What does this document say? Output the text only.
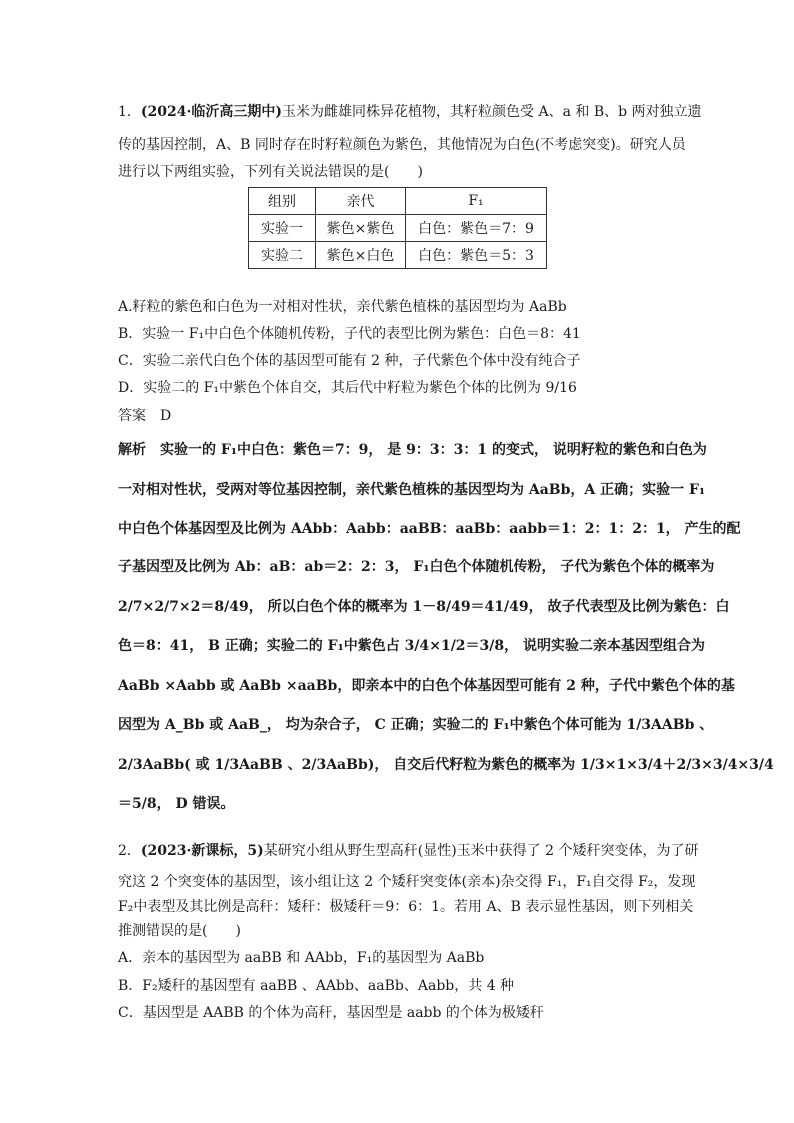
1．(2024·临沂高三期中)玉米为雌雄同株异花植物，其籽粒颜色受 A、a 和 B、b 两对独立遗
传的基因控制，A、B 同时存在时籽粒颜色为紫色，其他情况为白色(不考虑突变)。研究人员
进行以下两组实验，下列有关说法错误的是(　　)
组别	亲代	F₁
实验一	紫色×紫色	白色：紫色＝7：9
实验二	紫色×白色	白色：紫色＝5：3
A.籽粒的紫色和白色为一对相对性状，亲代紫色植株的基因型均为 AaBb
B．实验一 F₁中白色个体随机传粉，子代的表型比例为紫色：白色＝8：41
C．实验二亲代白色个体的基因型可能有 2 种，子代紫色个体中没有纯合子
D．实验二的 F₁中紫色个体自交，其后代中籽粒为紫色个体的比例为 9/16
答案　D
解析　实验一的 F₁中白色：紫色＝7：9， 是 9：3：3：1 的变式， 说明籽粒的紫色和白色为
一对相对性状，受两对等位基因控制，亲代紫色植株的基因型均为 AaBb，A 正确；实验一 F₁
中白色个体基因型及比例为 AAbb：Aabb：aaBB：aaBb：aabb＝1：2：1：2：1， 产生的配
子基因型及比例为 Ab：aB：ab＝2：2：3， F₁白色个体随机传粉， 子代为紫色个体的概率为
2/7×2/7×2＝8/49， 所以白色个体的概率为 1－8/49＝41/49， 故子代表型及比例为紫色：白
色＝8：41， B 正确；实验二的 F₁中紫色占 3/4×1/2＝3/8， 说明实验二亲本基因型组合为
AaBb ×Aabb 或 AaBb ×aaBb，即亲本中的白色个体基因型可能有 2 种，子代中紫色个体的基
因型为 A_Bb 或 AaB_， 均为杂合子， C 正确；实验二的 F₁中紫色个体可能为 1/3AABb 、
2/3AaBb( 或 1/3AaBB 、2/3AaBb)， 自交后代籽粒为紫色的概率为 1/3×1×3/4＋2/3×3/4×3/4
＝5/8， D 错误。
2．(2023·新课标，5)某研究小组从野生型高秆(显性)玉米中获得了 2 个矮秆突变体，为了研
究这 2 个突变体的基因型，该小组让这 2 个矮秆突变体(亲本)杂交得 F₁，F₁自交得 F₂，发现
F₂中表型及其比例是高秆：矮秆：极矮秆＝9：6：1。若用 A、B 表示显性基因，则下列相关
推测错误的是(　　)
A．亲本的基因型为 aaBB 和 AAbb，F₁的基因型为 AaBb
B．F₂矮秆的基因型有 aaBB 、AAbb、aaBb、Aabb，共 4 种
C．基因型是 AABB 的个体为高秆，基因型是 aabb 的个体为极矮秆
